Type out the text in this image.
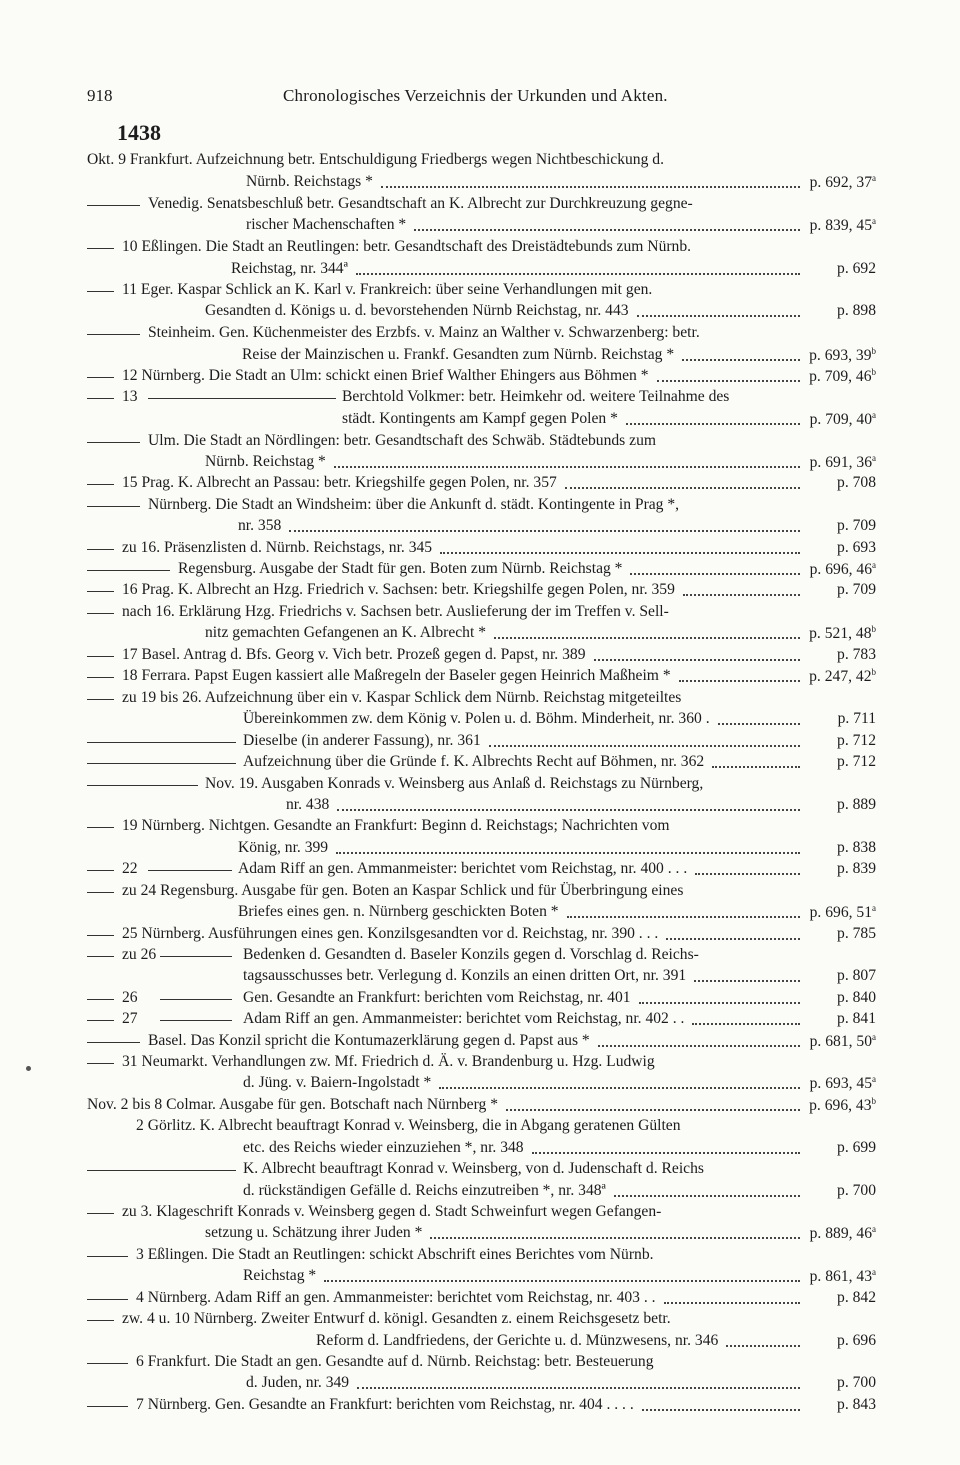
918	Chronologisches Verzeichnis der Urkunden und Akten.
1438
Okt. 9 Frankfurt. Aufzeichnung betr. Entschuldigung Friedbergs wegen Nichtbeschickung d.
Nürnb. Reichstags *	p. 692, 37$^a$
Venedig. Senatsbeschluß betr. Gesandtschaft an K. Albrecht zur Durchkreuzung gegne-
rischer Machenschaften *	p. 839, 45$^a$
10 Eßlingen. Die Stadt an Reutlingen: betr. Gesandtschaft des Dreistädtebunds zum Nürnb.
Reichstag, nr. 344ª	p. 692
11 Eger. Kaspar Schlick an K. Karl v. Frankreich: über seine Verhandlungen mit gen.
Gesandten d. Königs u. d. bevorstehenden Nürnb Reichstag, nr. 443	p. 898
Steinheim. Gen. Küchenmeister des Erzbfs. v. Mainz an Walther v. Schwarzenberg: betr.
Reise der Mainzischen u. Frankf. Gesandten zum Nürnb. Reichstag *	p. 693, 39$^b$
12 Nürnberg. Die Stadt an Ulm: schickt einen Brief Walther Ehingers aus Böhmen *	p. 709, 46$^b$
13	Berchtold Volkmer: betr. Heimkehr od. weitere Teilnahme des
städt. Kontingents am Kampf gegen Polen *	p. 709, 40$^a$
Ulm. Die Stadt an Nördlingen: betr. Gesandtschaft des Schwäb. Städtebunds zum
Nürnb. Reichstag *	p. 691, 36$^a$
15 Prag. K. Albrecht an Passau: betr. Kriegshilfe gegen Polen, nr. 357	p. 708
Nürnberg. Die Stadt an Windsheim: über die Ankunft d. städt. Kontingente in Prag *,
nr. 358	p. 709
zu 16. Präsenzlisten d. Nürnb. Reichstags, nr. 345	p. 693
Regensburg. Ausgabe der Stadt für gen. Boten zum Nürnb. Reichstag *	p. 696, 46$^a$
16 Prag. K. Albrecht an Hzg. Friedrich v. Sachsen: betr. Kriegshilfe gegen Polen, nr. 359	p. 709
nach 16. Erklärung Hzg. Friedrichs v. Sachsen betr. Auslieferung der im Treffen v. Sell-
nitz gemachten Gefangenen an K. Albrecht *	p. 521, 48$^b$
17 Basel. Antrag d. Bfs. Georg v. Vich betr. Prozeß gegen d. Papst, nr. 389	p. 783
18 Ferrara. Papst Eugen kassiert alle Maßregeln der Baseler gegen Heinrich Maßheim *	p. 247, 42$^b$
zu 19 bis 26. Aufzeichnung über ein v. Kaspar Schlick dem Nürnb. Reichstag mitgeteiltes
Übereinkommen zw. dem König v. Polen u. d. Böhm. Minderheit, nr. 360 .	p. 711
Dieselbe (in anderer Fassung), nr. 361	p. 712
Aufzeichnung über die Gründe f. K. Albrechts Recht auf Böhmen, nr. 362	p. 712
Nov. 19. Ausgaben Konrads v. Weinsberg aus Anlaß d. Reichstags zu Nürnberg,
nr. 438	p. 889
19 Nürnberg. Nichtgen. Gesandte an Frankfurt: Beginn d. Reichstags; Nachrichten vom
König, nr. 399	p. 838
22	Adam Riff an gen. Ammanmeister: berichtet vom Reichstag, nr. 400 . . .	p. 839
zu 24 Regensburg. Ausgabe für gen. Boten an Kaspar Schlick und für Überbringung eines
Briefes eines gen. n. Nürnberg geschickten Boten *	p. 696, 51$^a$
25 Nürnberg. Ausführungen eines gen. Konzilsgesandten vor d. Reichstag, nr. 390 . . .	p. 785
zu 26	Bedenken d. Gesandten d. Baseler Konzils gegen d. Vorschlag d. Reichs-
tagsausschusses betr. Verlegung d. Konzils an einen dritten Ort, nr. 391	p. 807
26	Gen. Gesandte an Frankfurt: berichten vom Reichstag, nr. 401	p. 840
27	Adam Riff an gen. Ammanmeister: berichtet vom Reichstag, nr. 402 . .	p. 841
Basel. Das Konzil spricht die Kontumazerklärung gegen d. Papst aus *	p. 681, 50$^a$
31 Neumarkt. Verhandlungen zw. Mf. Friedrich d. Ä. v. Brandenburg u. Hzg. Ludwig
d. Jüng. v. Baiern-Ingolstadt *	p. 693, 45$^a$
Nov. 2 bis 8 Colmar. Ausgabe für gen. Botschaft nach Nürnberg *	p. 696, 43$^b$
2 Görlitz. K. Albrecht beauftragt Konrad v. Weinsberg, die in Abgang geratenen Gülten
etc. des Reichs wieder einzuziehen *, nr. 348	p. 699
K. Albrecht beauftragt Konrad v. Weinsberg, von d. Judenschaft d. Reichs
d. rückständigen Gefälle d. Reichs einzutreiben *, nr. 348ª	p. 700
zu 3. Klageschrift Konrads v. Weinsberg gegen d. Stadt Schweinfurt wegen Gefangen-
setzung u. Schätzung ihrer Juden *	p. 889, 46$^a$
3 Eßlingen. Die Stadt an Reutlingen: schickt Abschrift eines Berichtes vom Nürnb.
Reichstag *	p. 861, 43$^a$
4 Nürnberg. Adam Riff an gen. Ammanmeister: berichtet vom Reichstag, nr. 403 . .	p. 842
zw. 4 u. 10 Nürnberg. Zweiter Entwurf d. königl. Gesandten z. einem Reichsgesetz betr.
Reform d. Landfriedens, der Gerichte u. d. Münzwesens, nr. 346	p. 696
6 Frankfurt. Die Stadt an gen. Gesandte auf d. Nürnb. Reichstag: betr. Besteuerung
d. Juden, nr. 349	p. 700
7 Nürnberg. Gen. Gesandte an Frankfurt: berichten vom Reichstag, nr. 404 . . . .	p. 843
